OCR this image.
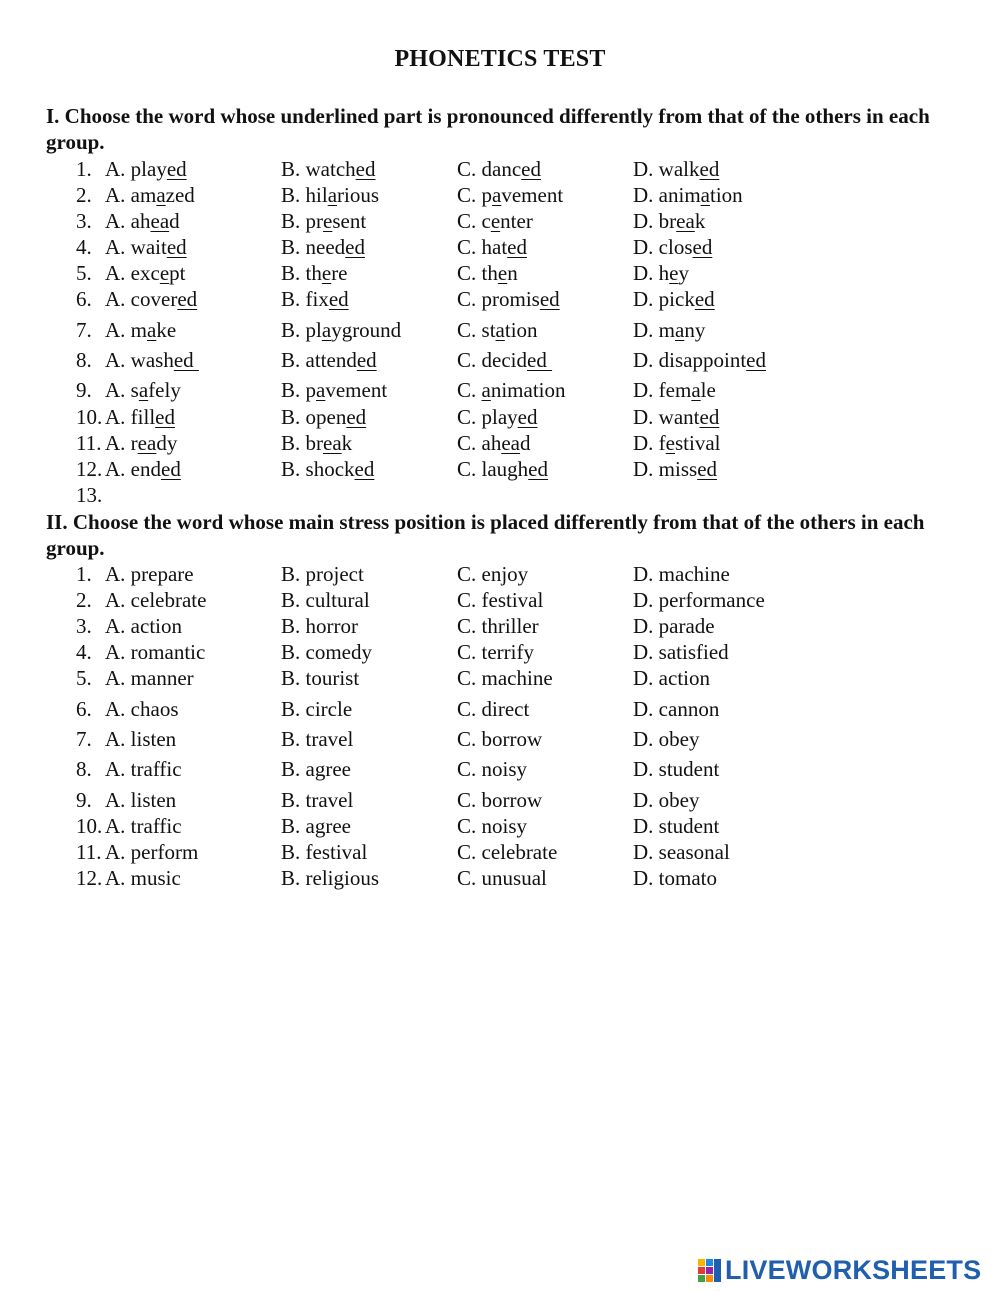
PHONETICS TEST
I. Choose the word whose underlined part is pronounced differently from that of the others in each group.
1. A. played	B. watched	C. danced	D. walked
2. A. amazed	B. hilarious	C. pavement	D. animation
3. A. ahead	B. present	C. center	D. break
4. A. waited	B. needed	C. hated	D. closed
5. A. except	B. there	C. then	D. hey
6. A. covered	B. fixed	C. promised	D. picked
7. A. make	B. playground	C. station	D. many
8. A. washed	B. attended	C. decided	D. disappointed
9. A. safely	B. pavement	C. animation	D. female
10. A. filled	B. opened	C. played	D. wanted
11. A. ready	B. break	C. ahead	D. festival
12. A. ended	B. shocked	C. laughed	D. missed
13.
II. Choose the word whose main stress position is placed differently from that of the others in each group.
1. A. prepare	B. project	C. enjoy	D. machine
2. A. celebrate	B. cultural	C. festival	D. performance
3. A. action	B. horror	C. thriller	D. parade
4. A. romantic	B. comedy	C. terrify	D. satisfied
5. A. manner	B. tourist	C. machine	D. action
6. A. chaos	B. circle	C. direct	D. cannon
7. A. listen	B. travel	C. borrow	D. obey
8. A. traffic	B. agree	C. noisy	D. student
9. A. listen	B. travel	C. borrow	D. obey
10. A. traffic	B. agree	C. noisy	D. student
11. A. perform	B. festival	C. celebrate	D. seasonal
12. A. music	B. religious	C. unusual	D. tomato
LIVEWORKSHEETS
